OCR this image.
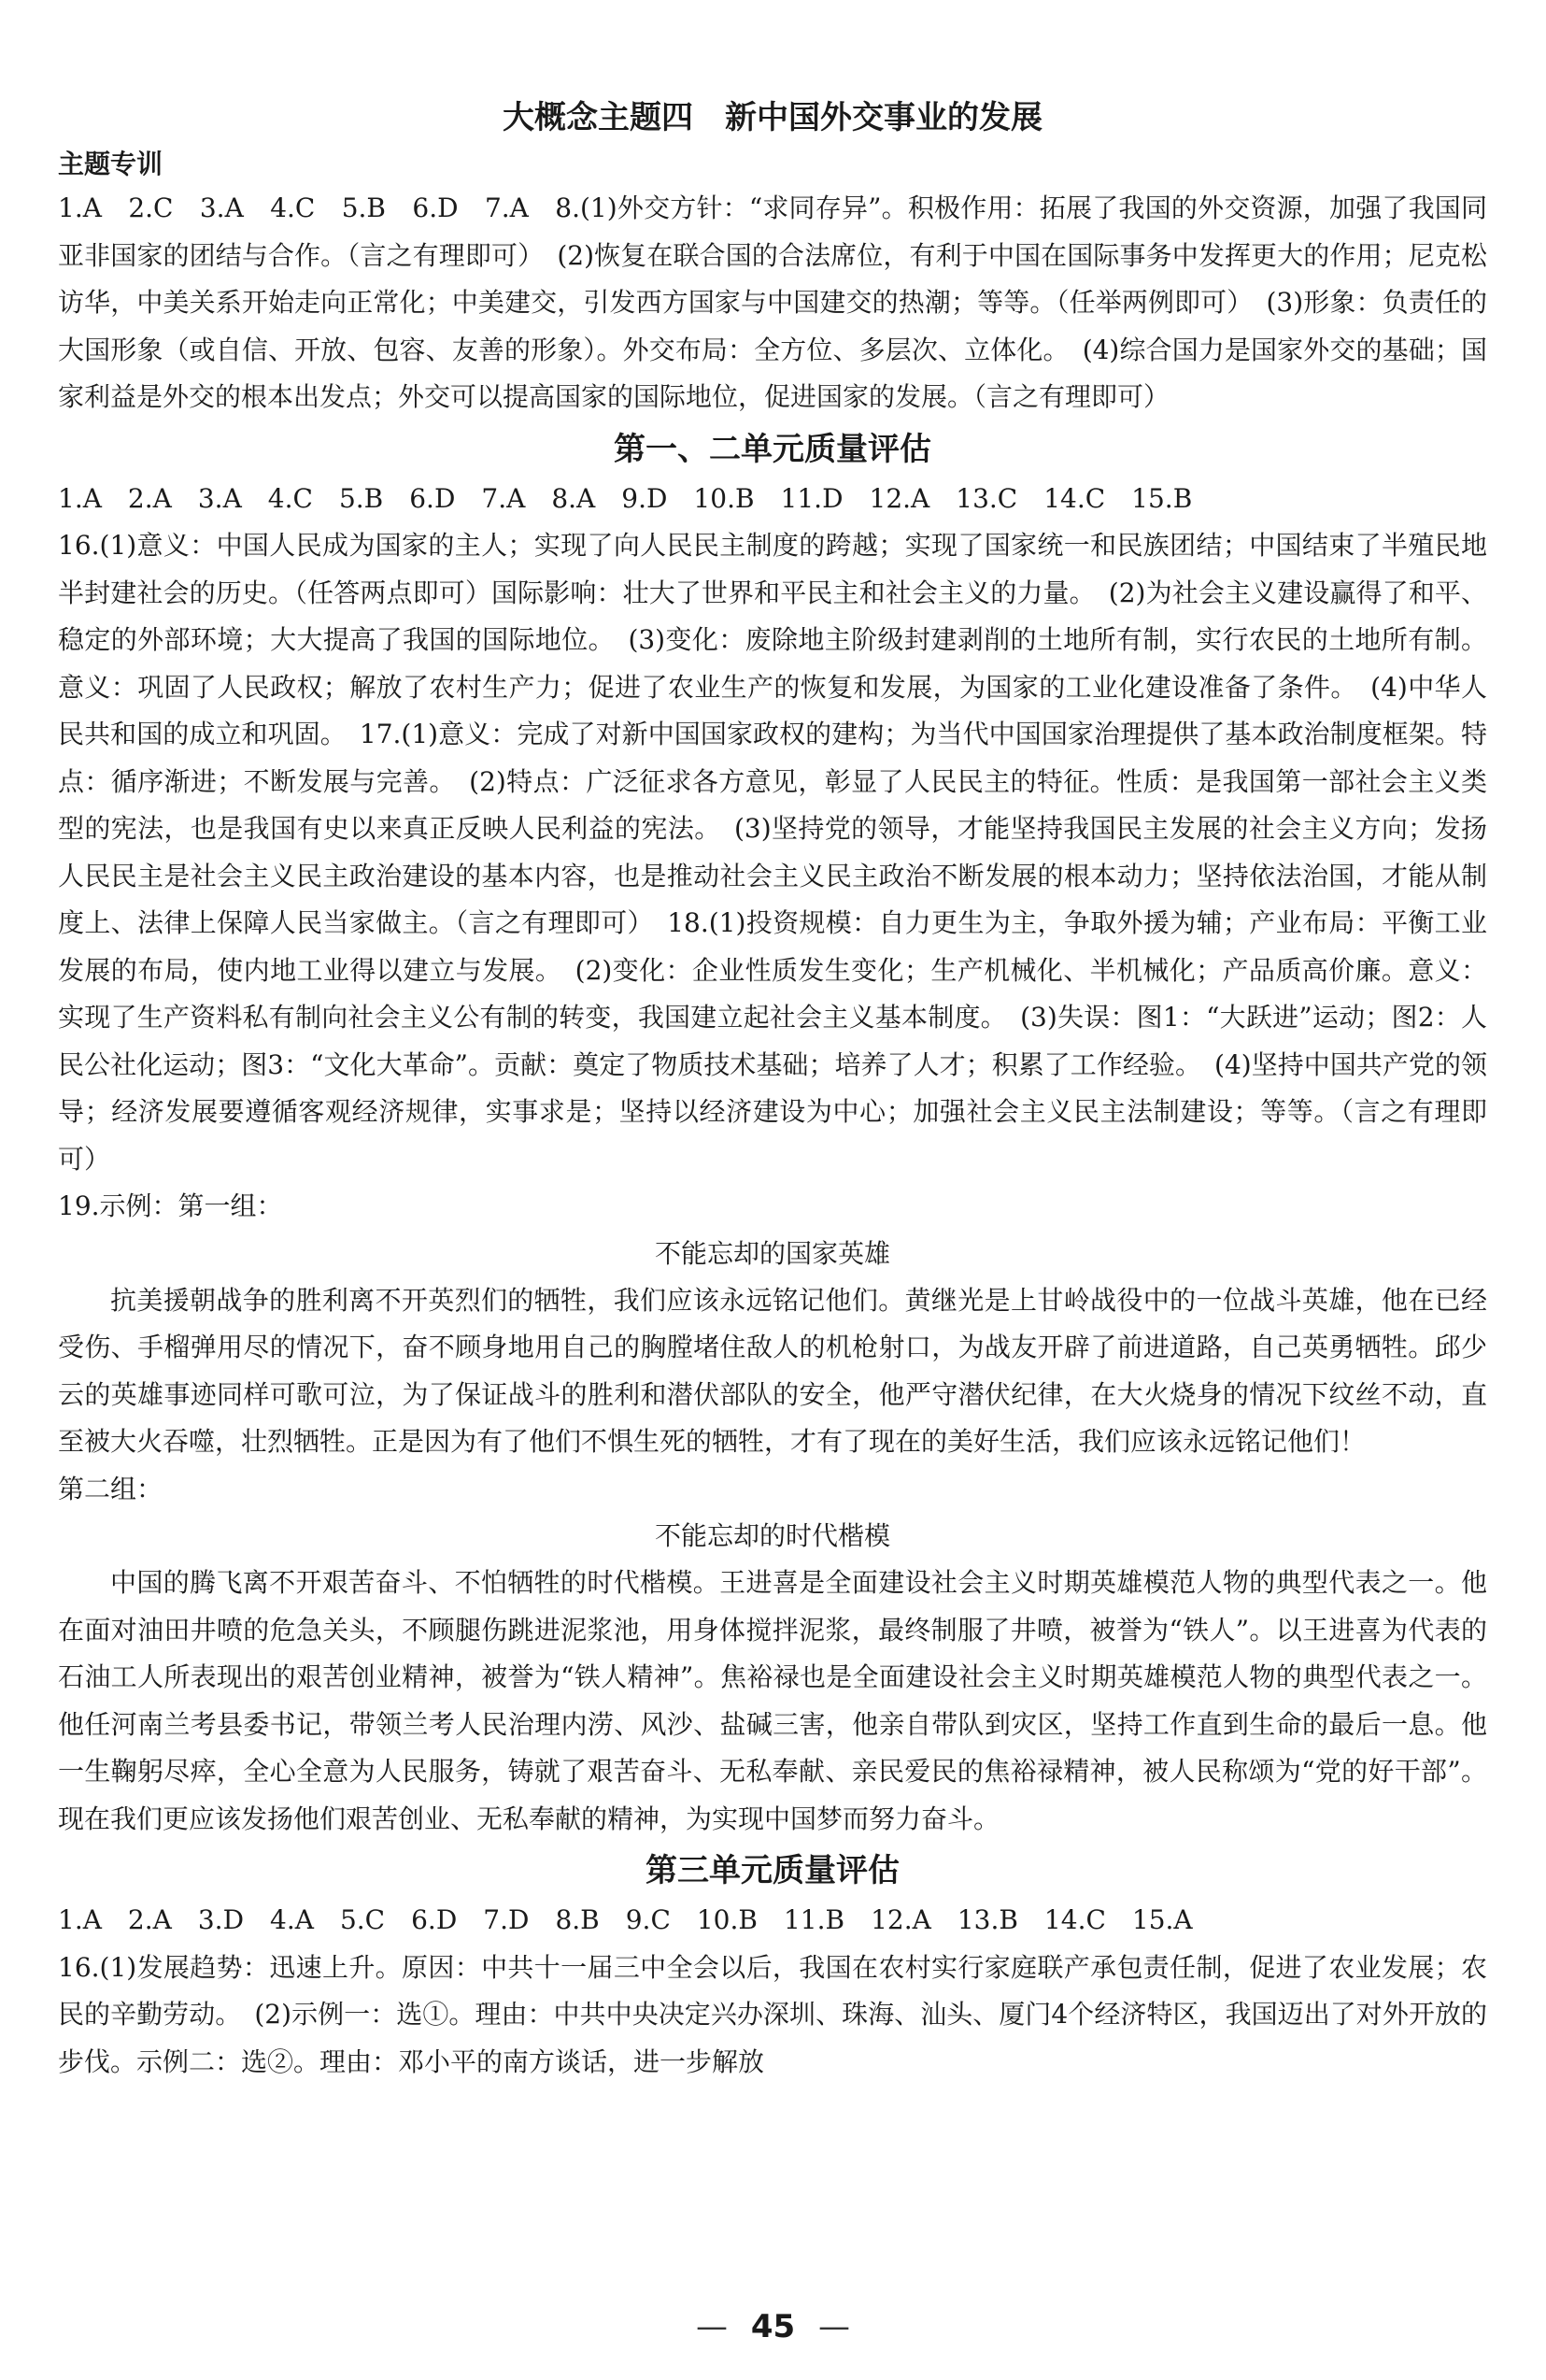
大概念主题四　新中国外交事业的发展
主题专训

1.A　2.C　3.A　4.C　5.B　6.D　7.A　8.(1)外交方针：“求同存异”。积极作用：拓展了我国的外交资源，加强了我国同亚非国家的团结与合作。（言之有理即可）　(2)恢复在联合国的合法席位，有利于中国在国际事务中发挥更大的作用；尼克松访华，中美关系开始走向正常化；中美建交，引发西方国家与中国建交的热潮；等等。（任举两例即可）　(3)形象：负责任的大国形象（或自信、开放、包容、友善的形象）。外交布局：全方位、多层次、立体化。　(4)综合国力是国家外交的基础；国家利益是外交的根本出发点；外交可以提高国家的国际地位，促进国家的发展。（言之有理即可）

第一、二单元质量评估

1.A　2.A　3.A　4.C　5.B　6.D　7.A　8.A　9.D　10.B　11.D　12.A　13.C　14.C　15.B

16.(1)意义：中国人民成为国家的主人；实现了向人民民主制度的跨越；实现了国家统一和民族团结；中国结束了半殖民地半封建社会的历史。（任答两点即可）国际影响：壮大了世界和平民主和社会主义的力量。　(2)为社会主义建设赢得了和平、稳定的外部环境；大大提高了我国的国际地位。　(3)变化：废除地主阶级封建剥削的土地所有制，实行农民的土地所有制。意义：巩固了人民政权；解放了农村生产力；促进了农业生产的恢复和发展，为国家的工业化建设准备了条件。　(4)中华人民共和国的成立和巩固。　17.(1)意义：完成了对新中国国家政权的建构；为当代中国国家治理提供了基本政治制度框架。特点：循序渐进；不断发展与完善。　(2)特点：广泛征求各方意见，彰显了人民民主的特征。性质：是我国第一部社会主义类型的宪法，也是我国有史以来真正反映人民利益的宪法。　(3)坚持党的领导，才能坚持我国民主发展的社会主义方向；发扬人民民主是社会主义民主政治建设的基本内容，也是推动社会主义民主政治不断发展的根本动力；坚持依法治国，才能从制度上、法律上保障人民当家做主。（言之有理即可）　18.(1)投资规模：自力更生为主，争取外援为辅；产业布局：平衡工业发展的布局，使内地工业得以建立与发展。　(2)变化：企业性质发生变化；生产机械化、半机械化；产品质高价廉。意义：实现了生产资料私有制向社会主义公有制的转变，我国建立起社会主义基本制度。　(3)失误：图1：“大跃进”运动；图2：人民公社化运动；图3：“文化大革命”。贡献：奠定了物质技术基础；培养了人才；积累了工作经验。　(4)坚持中国共产党的领导；经济发展要遵循客观经济规律，实事求是；坚持以经济建设为中心；加强社会主义民主法制建设；等等。（言之有理即可）

19.示例：第一组：

不能忘却的国家英雄

抗美援朝战争的胜利离不开英烈们的牺牲，我们应该永远铭记他们。黄继光是上甘岭战役中的一位战斗英雄，他在已经受伤、手榴弹用尽的情况下，奋不顾身地用自己的胸膛堵住敌人的机枪射口，为战友开辟了前进道路，自己英勇牺牲。邱少云的英雄事迹同样可歌可泣，为了保证战斗的胜利和潜伏部队的安全，他严守潜伏纪律，在大火烧身的情况下纹丝不动，直至被大火吞噬，壮烈牺牲。正是因为有了他们不惧生死的牺牲，才有了现在的美好生活，我们应该永远铭记他们！

第二组：

不能忘却的时代楷模

中国的腾飞离不开艰苦奋斗、不怕牺牲的时代楷模。王进喜是全面建设社会主义时期英雄模范人物的典型代表之一。他在面对油田井喷的危急关头，不顾腿伤跳进泥浆池，用身体搅拌泥浆，最终制服了井喷，被誉为“铁人”。以王进喜为代表的石油工人所表现出的艰苦创业精神，被誉为“铁人精神”。焦裕禄也是全面建设社会主义时期英雄模范人物的典型代表之一。他任河南兰考县委书记，带领兰考人民治理内涝、风沙、盐碱三害，他亲自带队到灾区，坚持工作直到生命的最后一息。他一生鞠躬尽瘁，全心全意为人民服务，铸就了艰苦奋斗、无私奉献、亲民爱民的焦裕禄精神，被人民称颂为“党的好干部”。现在我们更应该发扬他们艰苦创业、无私奉献的精神，为实现中国梦而努力奋斗。

第三单元质量评估

1.A　2.A　3.D　4.A　5.C　6.D　7.D　8.B　9.C　10.B　11.B　12.A　13.B　14.C　15.A

16.(1)发展趋势：迅速上升。原因：中共十一届三中全会以后，我国在农村实行家庭联产承包责任制，促进了农业发展；农民的辛勤劳动。　(2)示例一：选①。理由：中共中央决定兴办深圳、珠海、汕头、厦门4个经济特区，我国迈出了对外开放的步伐。示例二：选②。理由：邓小平的南方谈话，进一步解放

— 45 —
